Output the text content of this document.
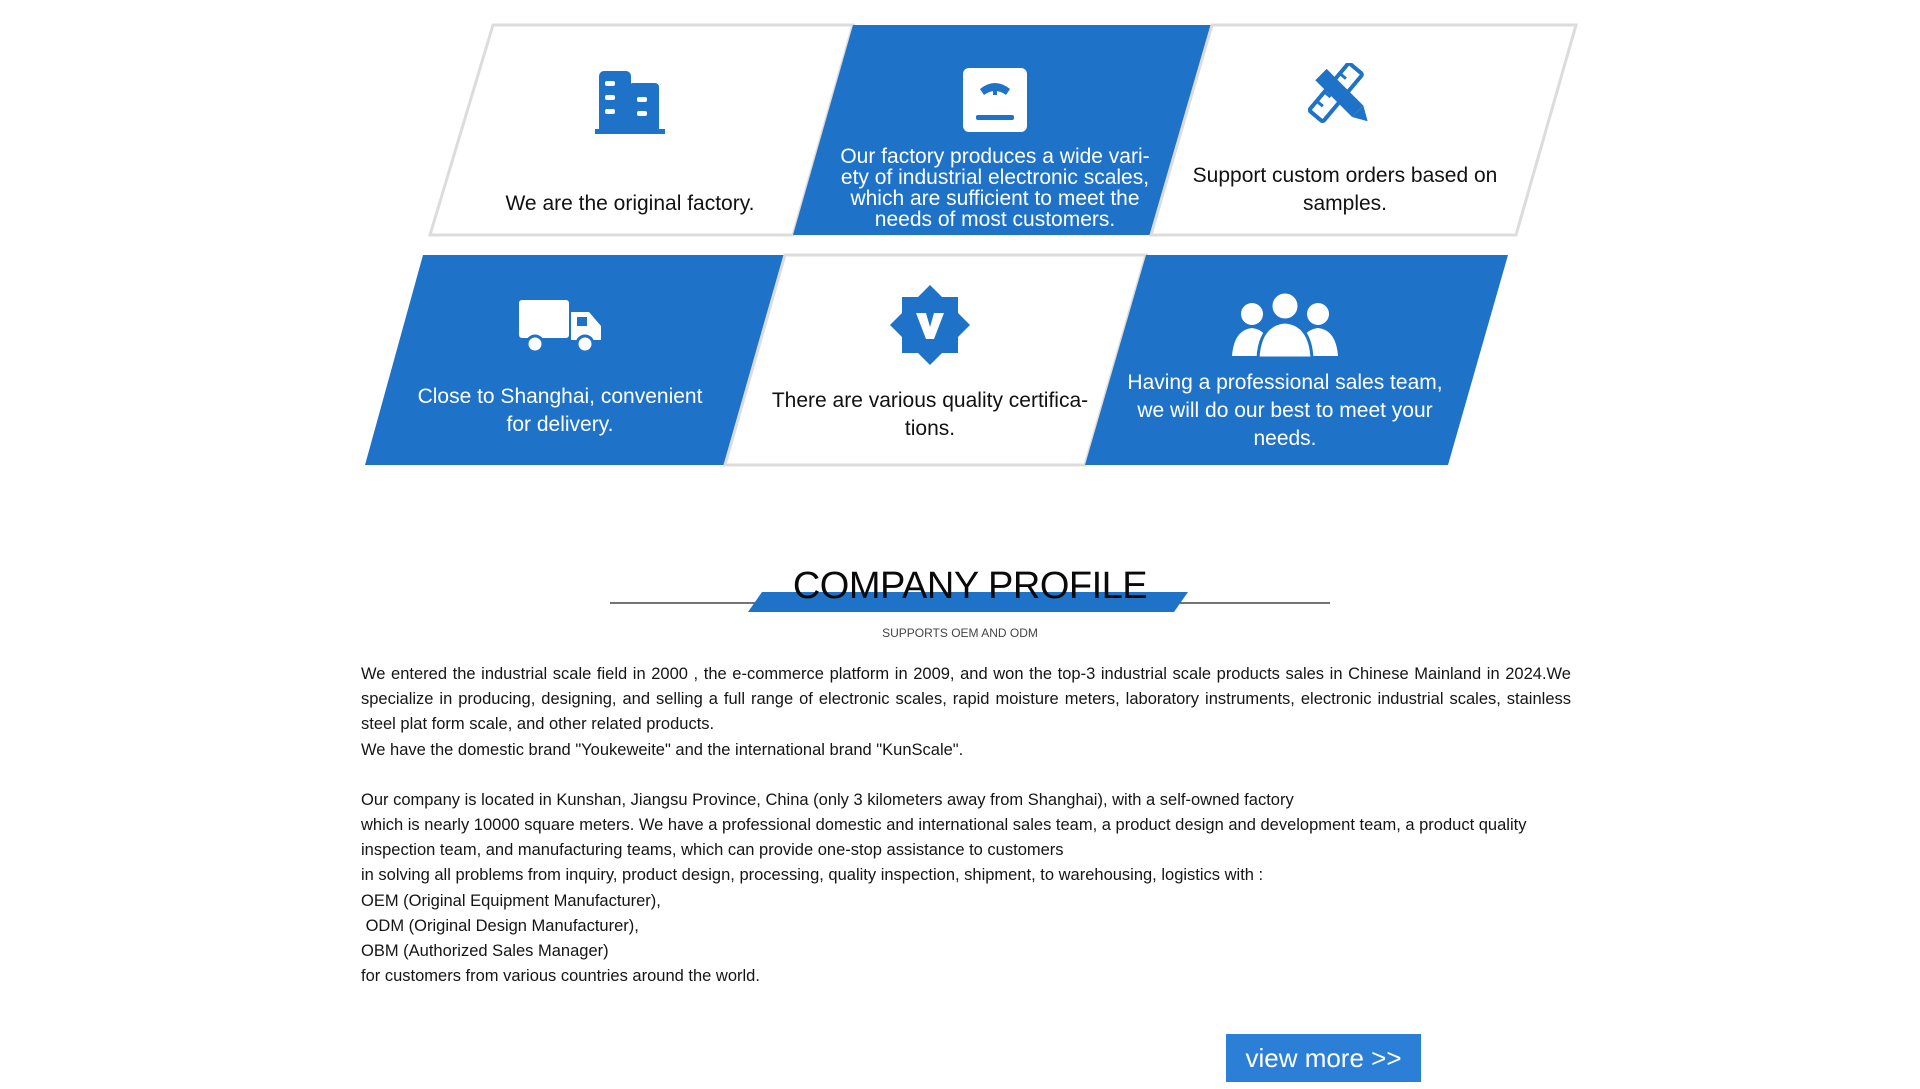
We are the original factory.
Our factory produces a wide vari-ety of industrial electronic scales, which are sufficient to meet the needs of most customers.
Support custom orders based on samples.
Close to Shanghai, convenient for delivery.
There are various quality certifica-tions.
Having a professional sales team, we will do our best to meet your needs.
COMPANY PROFILE
SUPPORTS OEM AND ODM

We entered the industrial scale field in 2000 , the e-commerce platform in 2009, and won the top-3 industrial scale products sales in Chinese Mainland in 2024.We specialize in producing, designing, and selling a full range of electronic scales, rapid moisture meters, laboratory instruments, electronic industrial scales, stainless steel plat form scale, and other related products.

We have the domestic brand "Youkeweite" and the international brand "KunScale".

Our company is located in Kunshan, Jiangsu Province, China (only 3 kilometers away from Shanghai), with a self-owned factory

which is nearly 10000 square meters. We have a professional domestic and international sales team, a product design and development team, a product quality inspection team, and manufacturing teams, which can provide one-stop assistance to customers

in solving all problems from inquiry, product design, processing, quality inspection, shipment, to warehousing, logistics with :

OEM (Original Equipment Manufacturer),

ODM (Original Design Manufacturer),

OBM (Authorized Sales Manager)

for customers from various countries around the world.

view more >>
